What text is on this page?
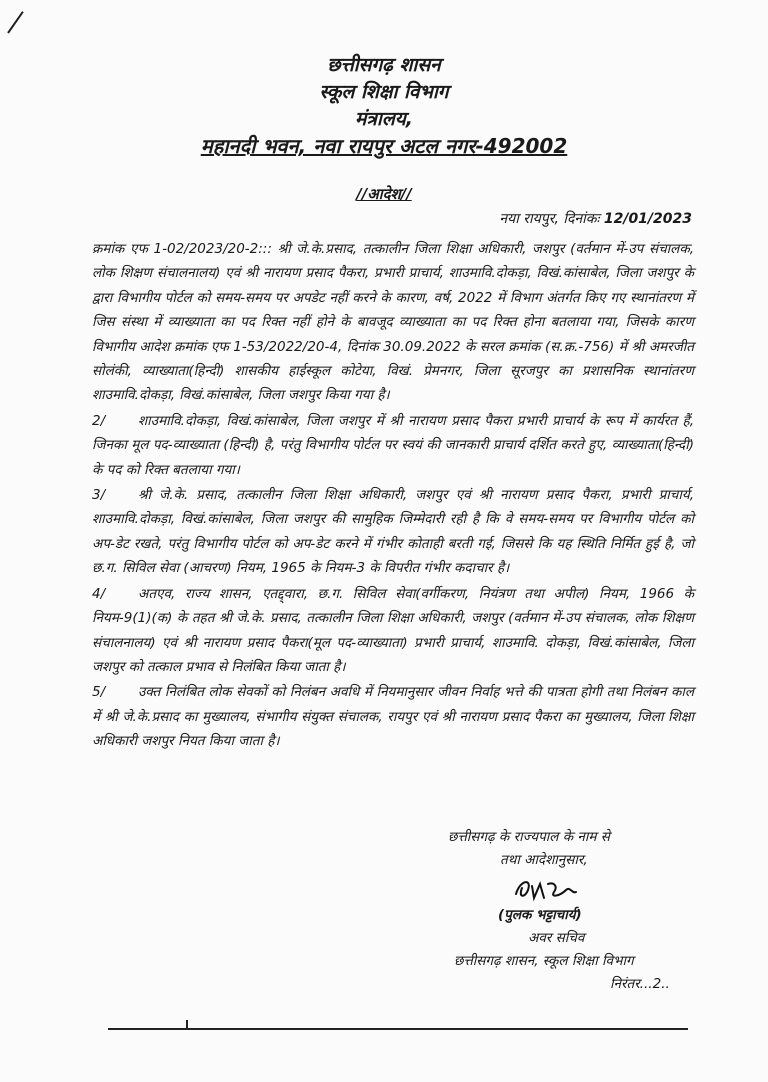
छत्तीसगढ़ शासन

स्कूल शिक्षा विभाग

मंत्रालय,

महानदी भवन, नवा रायपुर अटल नगर-492002

//आदेश//
नया रायपुर, दिनांकः 12/01/2023

क्रमांक एफ 1-02/2023/20-2::: श्री जे.के.प्रसाद, तत्कालीन जिला शिक्षा अधिकारी, जशपुर (वर्तमान में-उप संचालक, लोक शिक्षण संचालनालय) एवं श्री नारायण प्रसाद पैकरा, प्रभारी प्राचार्य, शाउमावि.दोकड़ा, विखं.कांसाबेल, जिला जशपुर के द्वारा विभागीय पोर्टल को समय-समय पर अपडेट नहीं करने के कारण, वर्ष, 2022 में विभाग अंतर्गत किए गए स्थानांतरण में जिस संस्था में व्याख्याता का पद रिक्त नहीं होने के बावजूद व्याख्याता का पद रिक्त होना बतलाया गया, जिसके कारण विभागीय आदेश क्रमांक एफ 1-53/2022/20-4, दिनांक 30.09.2022 के सरल क्रमांक (स.क्र.-756) में श्री अमरजीत सोलंकी, व्याख्याता(हिन्दी) शासकीय हाईस्कूल कोटेया, विखं. प्रेमनगर, जिला सूरजपुर का प्रशासनिक स्थानांतरण शाउमावि.दोकड़ा, विखं.कांसाबेल, जिला जशपुर किया गया है।

2/ शाउमावि.दोकड़ा, विखं.कांसाबेल, जिला जशपुर में श्री नारायण प्रसाद पैकरा प्रभारी प्राचार्य के रूप में कार्यरत हैं, जिनका मूल पद-व्याख्याता (हिन्दी) है, परंतु विभागीय पोर्टल पर स्वयं की जानकारी प्राचार्य दर्शित करते हुए, व्याख्याता(हिन्दी) के पद को रिक्त बतलाया गया।

3/ श्री जे.के. प्रसाद, तत्कालीन जिला शिक्षा अधिकारी, जशपुर एवं श्री नारायण प्रसाद पैकरा, प्रभारी प्राचार्य, शाउमावि.दोकड़ा, विखं.कांसाबेल, जिला जशपुर की सामुहिक जिम्मेदारी रही है कि वे समय-समय पर विभागीय पोर्टल को अप-डेट रखते, परंतु विभागीय पोर्टल को अप-डेट करने में गंभीर कोताही बरती गई, जिससे कि यह स्थिति निर्मित हुई है, जो छ.ग. सिविल सेवा (आचरण) नियम, 1965 के नियम-3 के विपरीत गंभीर कदाचार है।

4/ अतएव, राज्य शासन, एतद्द्वारा, छ.ग. सिविल सेवा(वर्गीकरण, नियंत्रण तथा अपील) नियम, 1966 के नियम-9(1)(क) के तहत श्री जे.के. प्रसाद, तत्कालीन जिला शिक्षा अधिकारी, जशपुर (वर्तमान में-उप संचालक, लोक शिक्षण संचालनालय) एवं श्री नारायण प्रसाद पैकरा(मूल पद-व्याख्याता) प्रभारी प्राचार्य, शाउमावि. दोकड़ा, विखं.कांसाबेल, जिला जशपुर को तत्काल प्रभाव से निलंबित किया जाता है।

5/ उक्त निलंबित लोक सेवकों को निलंबन अवधि में नियमानुसार जीवन निर्वाह भत्ते की पात्रता होगी तथा निलंबन काल में श्री जे.के.प्रसाद का मुख्यालय, संभागीय संयुक्त संचालक, रायपुर एवं श्री नारायण प्रसाद पैकरा का मुख्यालय, जिला शिक्षा अधिकारी जशपुर नियत किया जाता है।

छत्तीसगढ़ के राज्यपाल के नाम से
तथा आदेशानुसार,
(पुलक भट्टाचार्य)
अवर सचिव
छत्तीसगढ़ शासन, स्कूल शिक्षा विभाग
निरंतर...2..
